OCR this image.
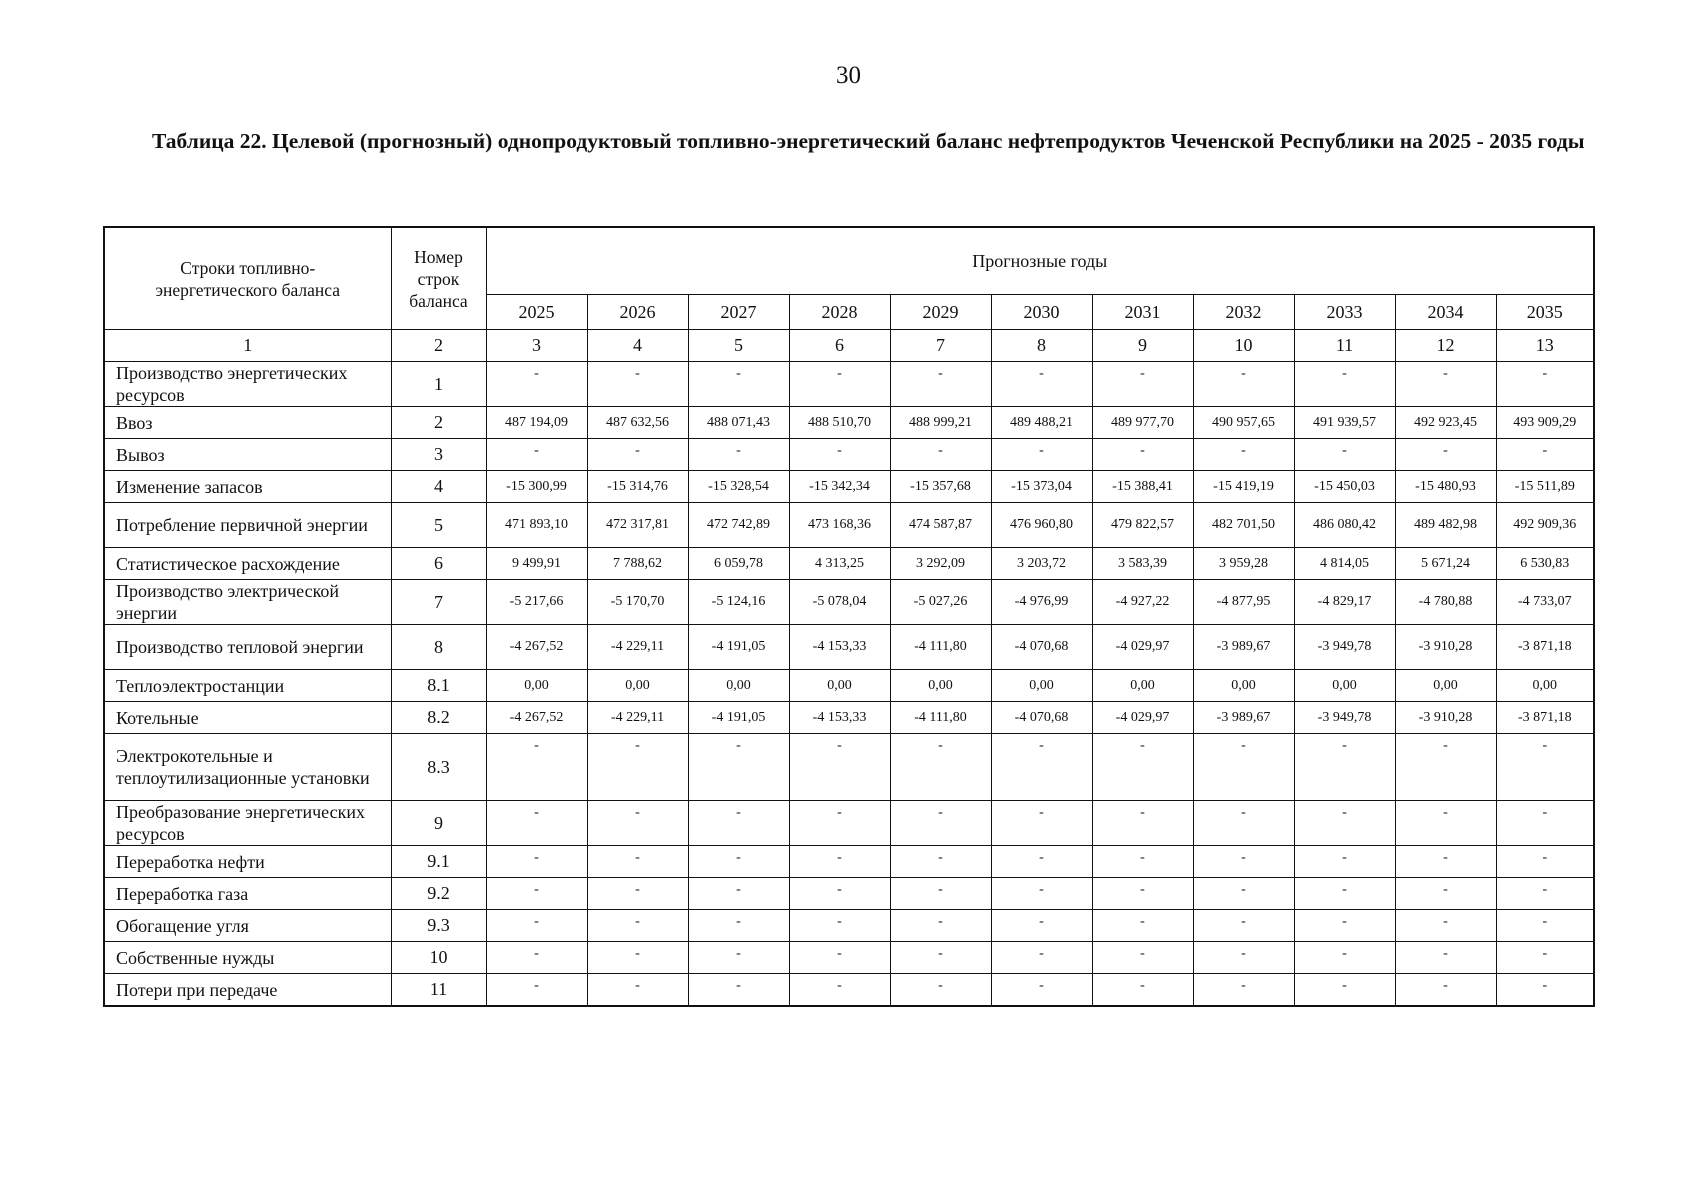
30
Таблица 22. Целевой (прогнозный) однопродуктовый топливно-энергетический баланс нефтепродуктов Чеченской Республики на 2025 - 2035 годы
Строки топливно-энергетического баланса	Номер строк баланса	Прогнозные годы										
		2025	2026	2027	2028	2029	2030	2031	2032	2033	2034	2035
1	2	3	4	5	6	7	8	9	10	11	12	13
Производство энергетических ресурсов	1	-	-	-	-	-	-	-	-	-	-	-
Ввоз	2	487 194,09	487 632,56	488 071,43	488 510,70	488 999,21	489 488,21	489 977,70	490 957,65	491 939,57	492 923,45	493 909,29
Вывоз	3	-	-	-	-	-	-	-	-	-	-	-
Изменение запасов	4	-15 300,99	-15 314,76	-15 328,54	-15 342,34	-15 357,68	-15 373,04	-15 388,41	-15 419,19	-15 450,03	-15 480,93	-15 511,89
Потребление первичной энергии	5	471 893,10	472 317,81	472 742,89	473 168,36	474 587,87	476 960,80	479 822,57	482 701,50	486 080,42	489 482,98	492 909,36
Статистическое расхождение	6	9 499,91	7 788,62	6 059,78	4 313,25	3 292,09	3 203,72	3 583,39	3 959,28	4 814,05	5 671,24	6 530,83
Производство электрической энергии	7	-5 217,66	-5 170,70	-5 124,16	-5 078,04	-5 027,26	-4 976,99	-4 927,22	-4 877,95	-4 829,17	-4 780,88	-4 733,07
Производство тепловой энергии	8	-4 267,52	-4 229,11	-4 191,05	-4 153,33	-4 111,80	-4 070,68	-4 029,97	-3 989,67	-3 949,78	-3 910,28	-3 871,18
Теплоэлектростанции	8.1	0,00	0,00	0,00	0,00	0,00	0,00	0,00	0,00	0,00	0,00	0,00
Котельные	8.2	-4 267,52	-4 229,11	-4 191,05	-4 153,33	-4 111,80	-4 070,68	-4 029,97	-3 989,67	-3 949,78	-3 910,28	-3 871,18
Электрокотельные и теплоутилизационные установки	8.3	-	-	-	-	-	-	-	-	-	-	-
Преобразование энергетических ресурсов	9	-	-	-	-	-	-	-	-	-	-	-
Переработка нефти	9.1	-	-	-	-	-	-	-	-	-	-	-
Переработка газа	9.2	-	-	-	-	-	-	-	-	-	-	-
Обогащение угля	9.3	-	-	-	-	-	-	-	-	-	-	-
Собственные нужды	10	-	-	-	-	-	-	-	-	-	-	-
Потери при передаче	11	-	-	-	-	-	-	-	-	-	-	-
